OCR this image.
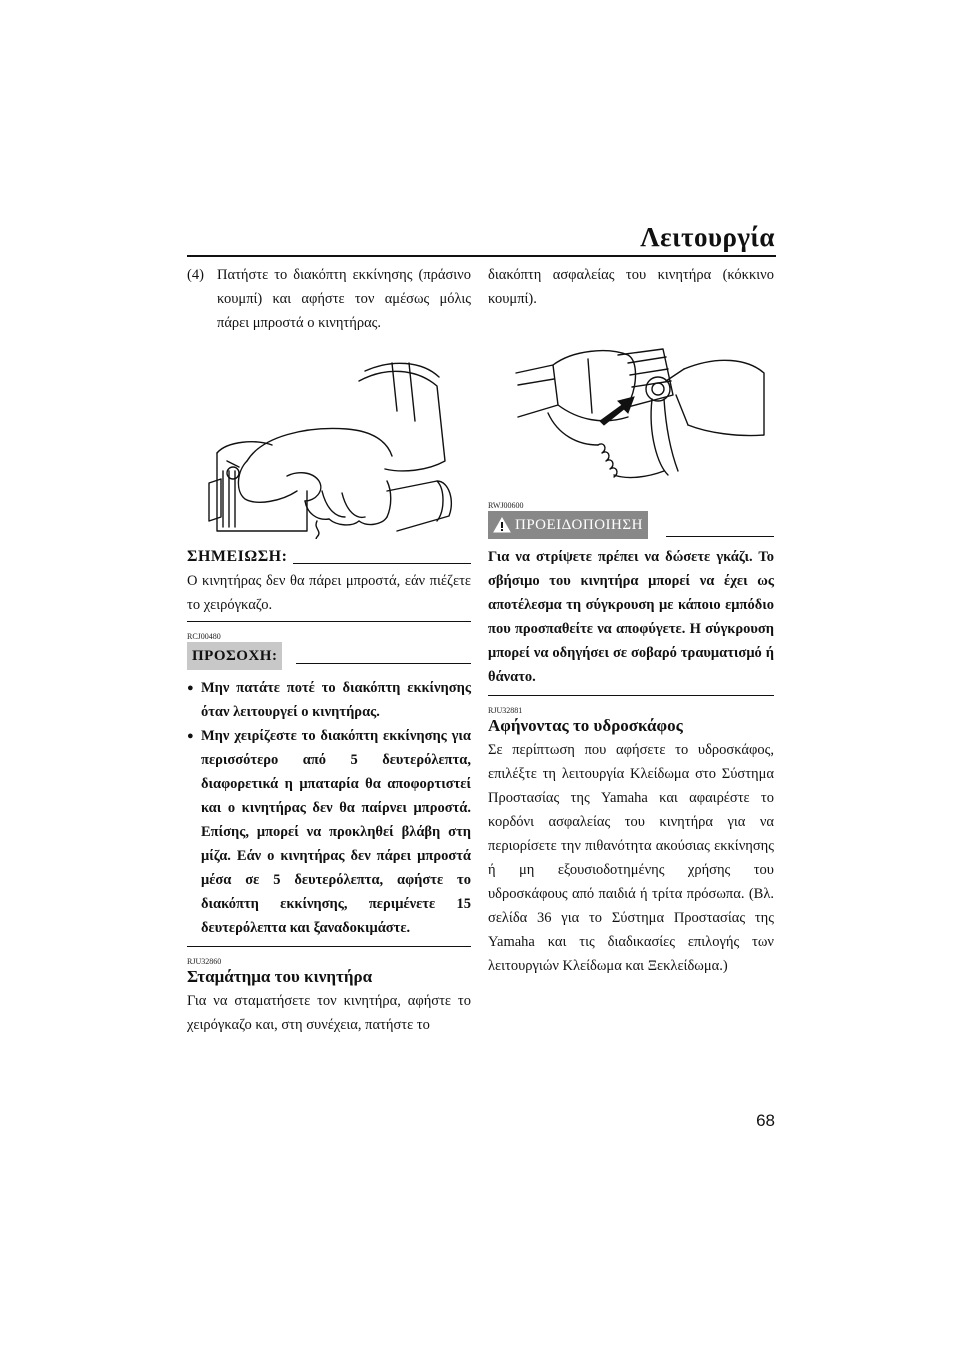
Λειτουργία
(4) Πατήστε το διακόπτη εκκίνησης (πράσινο κουμπί) και αφήστε τον αμέσως μόλις πάρει μπροστά ο κινητήρας.

ΣΗΜΕΙΩΣΗ:

Ο κινητήρας δεν θα πάρει μπροστά, εάν πιέζετε το χειρόγκαζο.

RCJ00480
ΠΡΟΣΟΧΗ:
● Μην πατάτε ποτέ το διακόπτη εκκίνησης όταν λειτουργεί ο κινητήρας.
● Μην χειρίζεστε το διακόπτη εκκίνησης για περισσότερο από 5 δευτερόλεπτα, διαφορετικά η μπαταρία θα αποφορτιστεί και ο κινητήρας δεν θα παίρνει μπροστά. Επίσης, μπορεί να προκληθεί βλάβη στη μίζα. Εάν ο κινητήρας δεν πάρει μπροστά μέσα σε 5 δευτερόλεπτα, αφήστε το διακόπτη εκκίνησης, περιμένετε 15 δευτερόλεπτα και ξαναδοκιμάστε.
RJU32860
Σταμάτημα του κινητήρα

Για να σταματήσετε τον κινητήρα, αφήστε το χειρόγκαζο και, στη συνέχεια, πατήστε το

διακόπτη ασφαλείας του κινητήρα (κόκκινο κουμπί).

RWJ00600
ΠΡΟΕΙΔΟΠΟΙΗΣΗ

Για να στρίψετε πρέπει να δώσετε γκάζι. Το σβήσιμο του κινητήρα μπορεί να έχει ως αποτέλεσμα τη σύγκρουση με κάποιο εμπόδιο που προσπαθείτε να αποφύγετε. Η σύγκρουση μπορεί να οδηγήσει σε σοβαρό τραυματισμό ή θάνατο.

RJU32881
Αφήνοντας το υδροσκάφος

Σε περίπτωση που αφήσετε το υδροσκάφος, επιλέξτε τη λειτουργία Κλείδωμα στο Σύστημα Προστασίας της Yamaha και αφαιρέστε το κορδόνι ασφαλείας του κινητήρα για να περιορίσετε την πιθανότητα ακούσιας εκκίνησης ή μη εξουσιοδοτημένης χρήσης του υδροσκάφους από παιδιά ή τρίτα πρόσωπα. (Βλ. σελίδα 36 για το Σύστημα Προστασίας της Yamaha και τις διαδικασίες επιλογής των λειτουργιών Κλείδωμα και Ξεκλείδωμα.)

68
